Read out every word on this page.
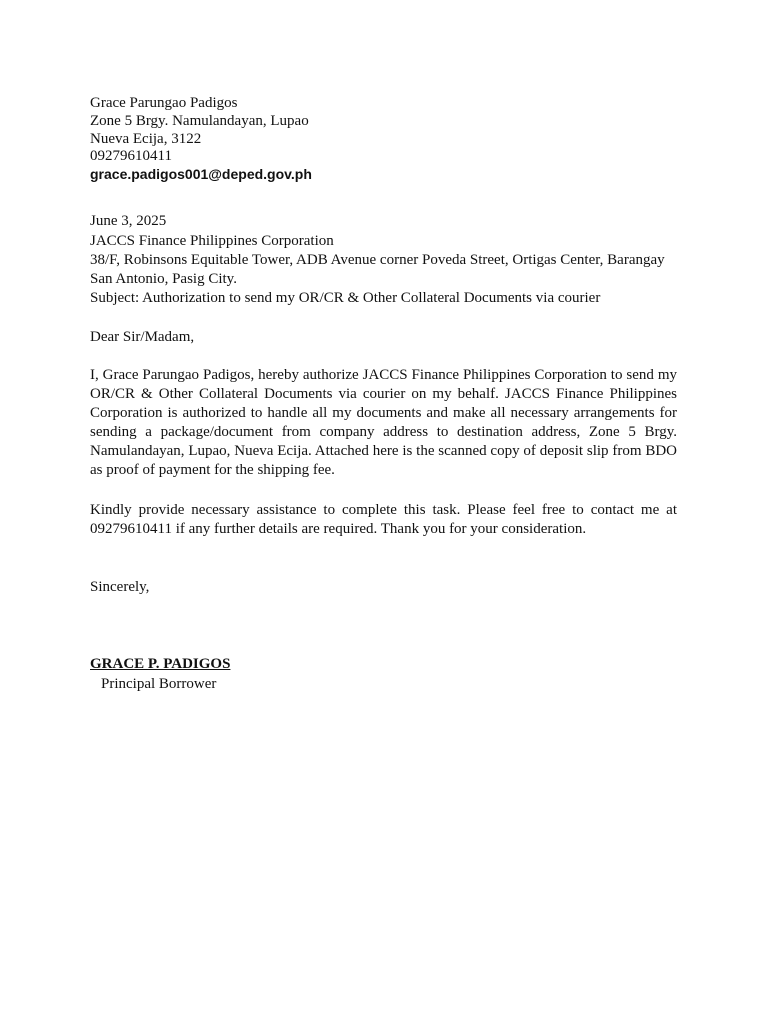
Grace Parungao Padigos
Zone 5 Brgy. Namulandayan, Lupao
Nueva Ecija, 3122
09279610411
grace.padigos001@deped.gov.ph
June 3, 2025
JACCS Finance Philippines Corporation
38/F, Robinsons Equitable Tower, ADB Avenue corner Poveda Street, Ortigas Center, Barangay
San Antonio, Pasig City.
Subject: Authorization to send my OR/CR & Other Collateral Documents via courier
Dear Sir/Madam,
I, Grace Parungao Padigos, hereby authorize JACCS Finance Philippines Corporation to send my OR/CR & Other Collateral Documents via courier on my behalf. JACCS Finance Philippines Corporation is authorized to handle all my documents and make all necessary arrangements for sending a package/document from company address to destination address, Zone 5 Brgy. Namulandayan, Lupao, Nueva Ecija. Attached here is the scanned copy of deposit slip from BDO as proof of payment for the shipping fee.
Kindly provide necessary assistance to complete this task. Please feel free to contact me at 09279610411 if any further details are required. Thank you for your consideration.
Sincerely,
GRACE P. PADIGOS
Principal Borrower
